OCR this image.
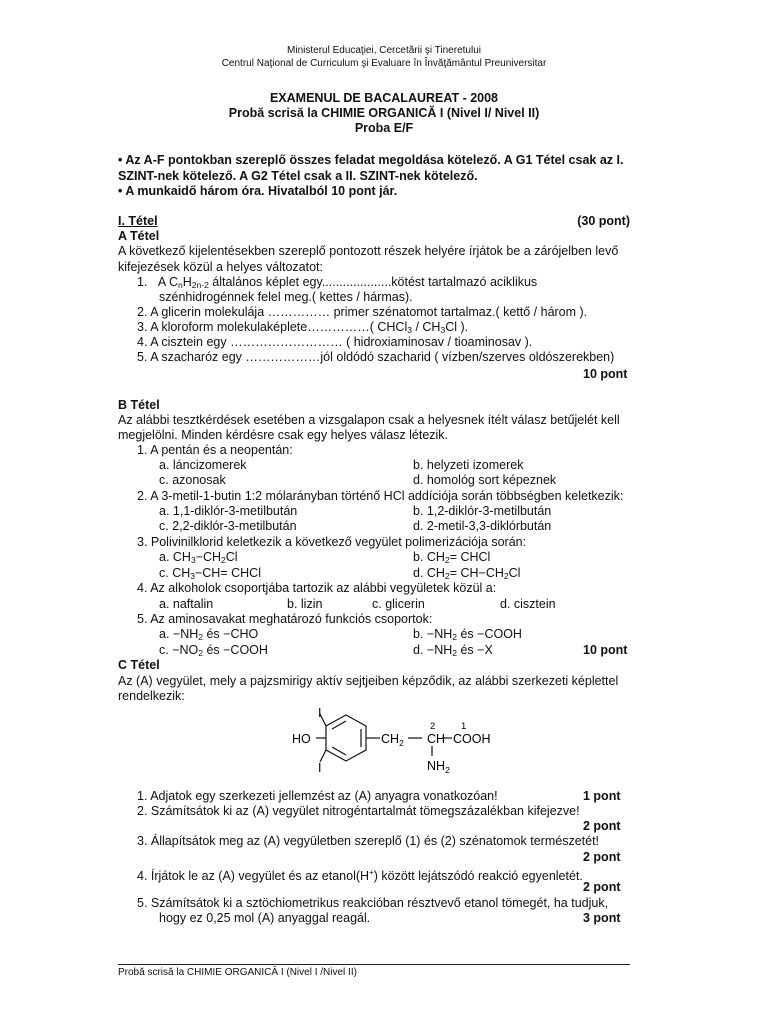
Ministerul Educaţiei, Cercetării şi Tineretului
Centrul Naţional de Curriculum şi Evaluare în Învăţământul Preuniversitar
EXAMENUL DE BACALAUREAT - 2008
Probă scrisă la CHIMIE ORGANICĂ I (Nivel I/ Nivel II)
Proba E/F
• Az A-F pontokban szereplő összes feladat megoldása kötelező. A G1 Tétel csak az I. SZINT-nek kötelező. A G2 Tétel csak a II. SZINT-nek kötelező.
• A munkaidő három óra. Hivatalból 10 pont jár.
I. Tétel	(30 pont)
A Tétel
A következő kijelentésekben szereplő pontozott részek helyére írjátok be a zárójelben levő
kifejezések közül a helyes változatot:
1. A $C_nH_{2n-2}$ általános képlet egy....................kötést tartalmazó aciklikus
szénhidrogénnek felel meg.( kettes / hármas).
2. A glicerin molekulája …………… primer szénatomot tartalmaz.( kettő / három ).
3. A kloroform molekulaképlete……………( CHCl$_3$ / $CH_3Cl$ ).
4. A cisztein egy ……………………… ( hidroxiaminosav / tioaminosav ).
5. A szacharóz egy ………………jól oldódó szacharid ( vízben/szerves oldószerekben)
10 pont
B Tétel
Az alábbi tesztkérdések esetében a vizsgalapon csak a helyesnek ítélt válasz betűjelét kell
megjelölni. Minden kérdésre csak egy helyes válasz létezik.
1. A pentán és a neopentán:
a. láncizomerek	b. helyzeti izomerek
c. azonosak	d. homológ sort képeznek
2. A 3-metil-1-butin 1:2 mólarányban történő HCl addíciója során többségben keletkezik:
a. 1,1-diklór-3-metilbután	b. 1,2-diklór-3-metilbután
c. 2,2-diklór-3-metilbután	d. 2-metil-3,3-diklórbután
3. Polivinilklorid keletkezik a következő vegyület polimerizációja során:
a. $CH_3-CH_2Cl$	b. $CH_2=$ CHCl
c. $CH_3-CH=$ CHCl	d. $CH_2= CH-CH_2Cl$
4. Az alkoholok csoportjába tartozik az alábbi vegyületek közül a:
a. naftalin	b. lizin	c. glicerin	d. cisztein
5. Az aminosavakat meghatározó funkciós csoportok:
a. $-NH_2$ és −CHO	b. $-NH_2$ és −COOH
c. $-NO_2$ és −COOH	d. $-NH_2$ és −X	10 pont
C Tétel
Az (A) vegyület, mely a pajzsmirigy aktív sejtjeiben képződik, az alábbi szerkezeti képlettel
rendelkezik:
I
I
HO	$CH_2$
2	1
CH COOH
$NH_2$
1. Adjatok egy szerkezeti jellemzést az (A) anyagra vonatkozóan!	1 pont
2. Számítsátok ki az (A) vegyület nitrogéntartalmát tömegszázalékban kifejezve!
2 pont
3. Állapítsátok meg az (A) vegyületben szereplő (1) és (2) szénatomok természetét!
2 pont
4. Írjátok le az (A) vegyület és az etanol(H+) között lejátszódó reakció egyenletét.
2 pont
5. Számítsátok ki a sztöchiometrikus reakcióban résztvevő etanol tömegét, ha tudjuk,
hogy ez 0,25 mol (A) anyaggal reagál.	3 pont
Probă scrisă la CHIMIE ORGANICĂ I (Nivel I /Nivel II)
